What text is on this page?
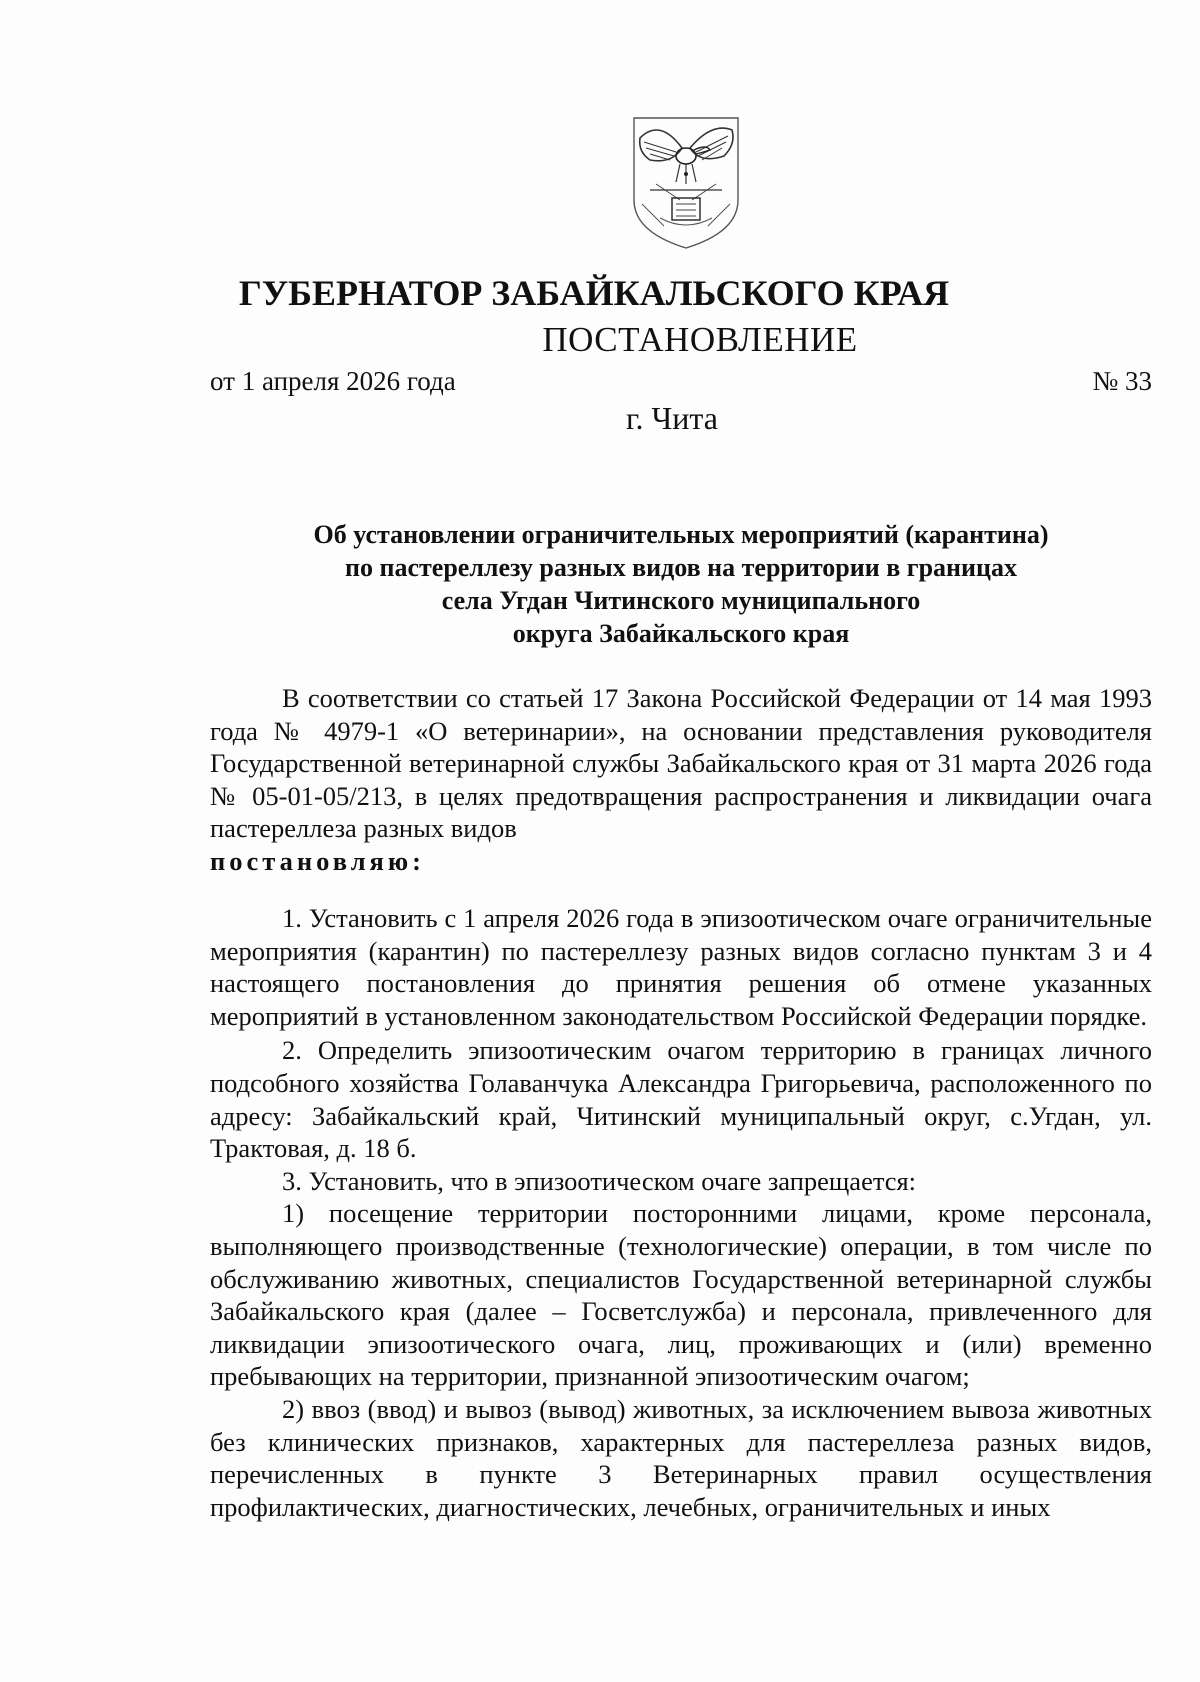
ГУБЕРНАТОР ЗАБАЙКАЛЬСКОГО КРАЯ
ПОСТАНОВЛЕНИЕ
от 1 апреля 2026 года	№ 33
г. Чита
Об установлении ограничительных мероприятий (карантина)
по пастереллезу разных видов на территории в границах
села Угдан Читинского муниципального
округа Забайкальского края

В соответствии со статьей 17 Закона Российской Федерации от 14 мая 1993 года № 4979-1 «О ветеринарии», на основании представления руководителя Государственной ветеринарной службы Забайкальского края от 31 марта 2026 года № 05-01-05/213, в целях предотвращения распространения и ликвидации очага пастереллеза разных видов
постановляю:

1. Установить с 1 апреля 2026 года в эпизоотическом очаге ограничительные мероприятия (карантин) по пастереллезу разных видов согласно пунктам 3 и 4 настоящего постановления до принятия решения об отмене указанных мероприятий в установленном законодательством Российской Федерации порядке.

2. Определить эпизоотическим очагом территорию в границах личного подсобного хозяйства Голаванчука Александра Григорьевича, расположенного по адресу: Забайкальский край, Читинский муниципальный округ, с.Угдан, ул. Трактовая, д. 18 б.

3. Установить, что в эпизоотическом очаге запрещается:

1) посещение территории посторонними лицами, кроме персонала, выполняющего производственные (технологические) операции, в том числе по обслуживанию животных, специалистов Государственной ветеринарной службы Забайкальского края (далее – Госветслужба) и персонала, привлеченного для ликвидации эпизоотического очага, лиц, проживающих и (или) временно пребывающих на территории, признанной эпизоотическим очагом;

2) ввоз (ввод) и вывоз (вывод) животных, за исключением вывоза животных без клинических признаков, характерных для пастереллеза разных видов, перечисленных в пункте 3 Ветеринарных правил осуществления профилактических, диагностических, лечебных, ограничительных и иных
